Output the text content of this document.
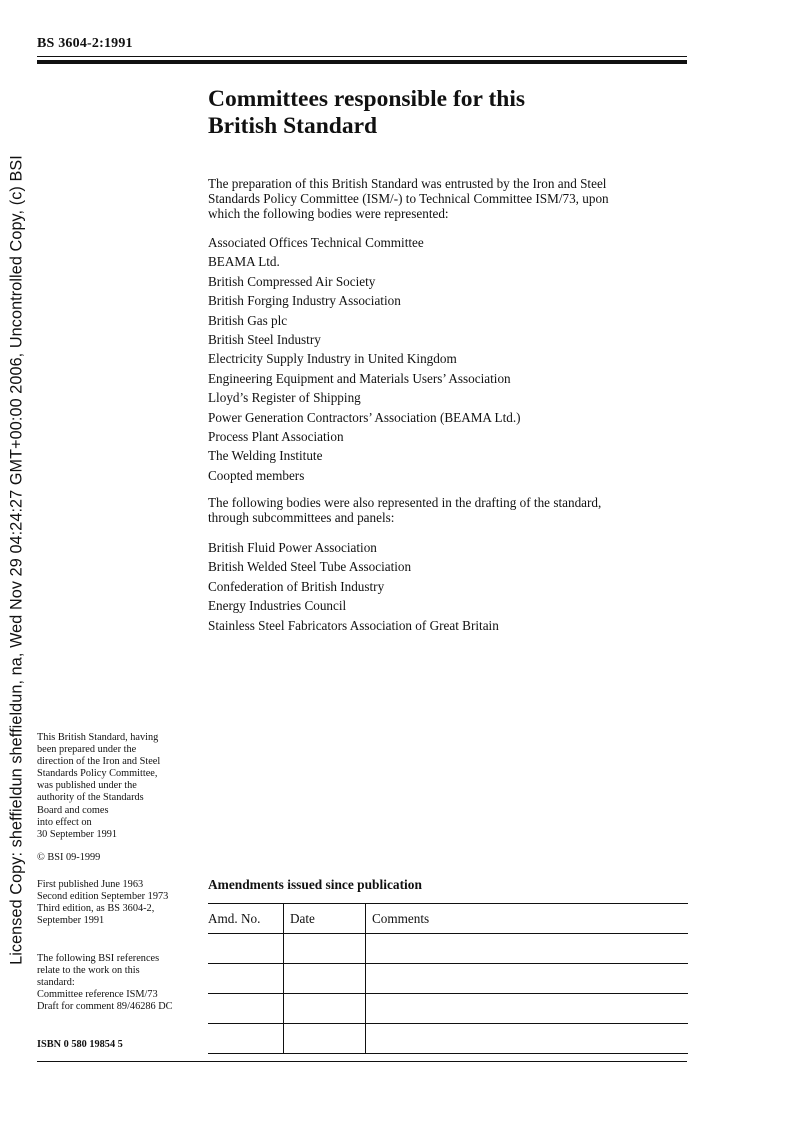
Licensed Copy: sheffieldun sheffieldun, na, Wed Nov 29 04:24:27 GMT+00:00 2006, Uncontrolled Copy, (c) BSI
BS 3604-2:1991
Committees responsible for this
British Standard
The preparation of this British Standard was entrusted by the Iron and Steel
Standards Policy Committee (ISM/-) to Technical Committee ISM/73, upon
which the following bodies were represented:
Associated Offices Technical Committee
BEAMA Ltd.
British Compressed Air Society
British Forging Industry Association
British Gas plc
British Steel Industry
Electricity Supply Industry in United Kingdom
Engineering Equipment and Materials Users’ Association
Lloyd’s Register of Shipping
Power Generation Contractors’ Association (BEAMA Ltd.)
Process Plant Association
The Welding Institute
Coopted members
The following bodies were also represented in the drafting of the standard,
through subcommittees and panels:
British Fluid Power Association
British Welded Steel Tube Association
Confederation of British Industry
Energy Industries Council
Stainless Steel Fabricators Association of Great Britain
This British Standard, having
been prepared under the
direction of the Iron and Steel
Standards Policy Committee,
was published under the
authority of the Standards
Board and comes
into effect on
30 September 1991
© BSI 09-1999
First published June 1963
Second edition September 1973
Third edition, as BS 3604-2,
September 1991
The following BSI references
relate to the work on this
standard:
Committee reference ISM/73
Draft for comment 89/46286 DC
ISBN 0 580 19854 5
Amendments issued since publication
Amd. No.	Date	Comments
